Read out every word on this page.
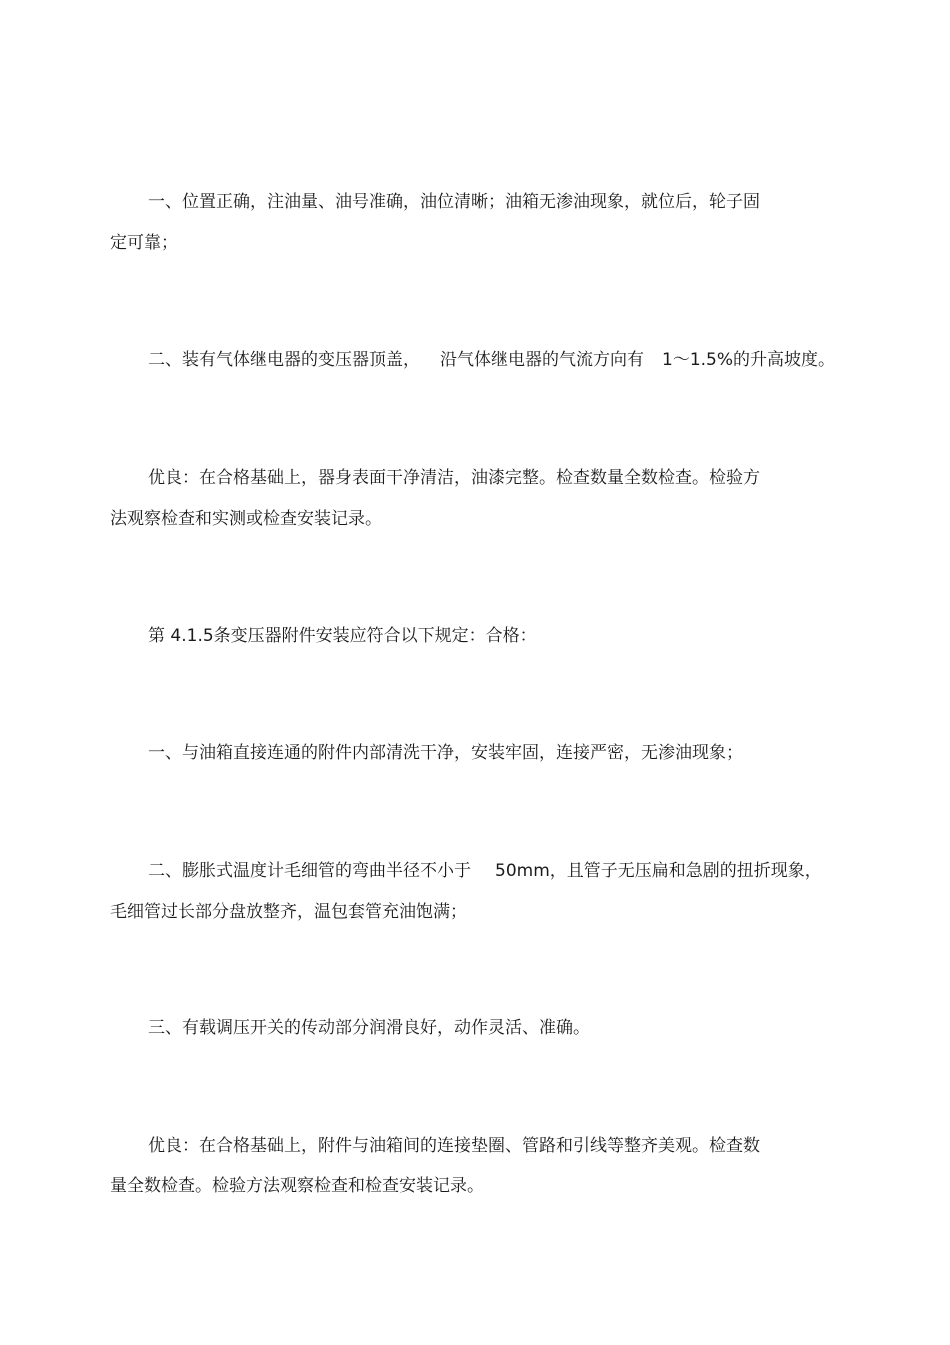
一、位置正确，注油量、油号准确，油位清晰；油箱无渗油现象，就位后，轮子固
定可靠；
二、装有气体继电器的变压器顶盖， 沿气体继电器的气流方向有 1～1.5%的升高坡度。
优良：在合格基础上，器身表面干净清洁，油漆完整。检查数量全数检查。检验方
法观察检查和实测或检查安装记录。
第 4.1.5条变压器附件安装应符合以下规定：合格：
一、与油箱直接连通的附件内部清洗干净，安装牢固，连接严密，无渗油现象；
二、膨胀式温度计毛细管的弯曲半径不小于 50mm，且管子无压扁和急剧的扭折现象，
毛细管过长部分盘放整齐，温包套管充油饱满；
三、有载调压开关的传动部分润滑良好，动作灵活、准确。
优良：在合格基础上，附件与油箱间的连接垫圈、管路和引线等整齐美观。检查数
量全数检查。检验方法观察检查和检查安装记录。
